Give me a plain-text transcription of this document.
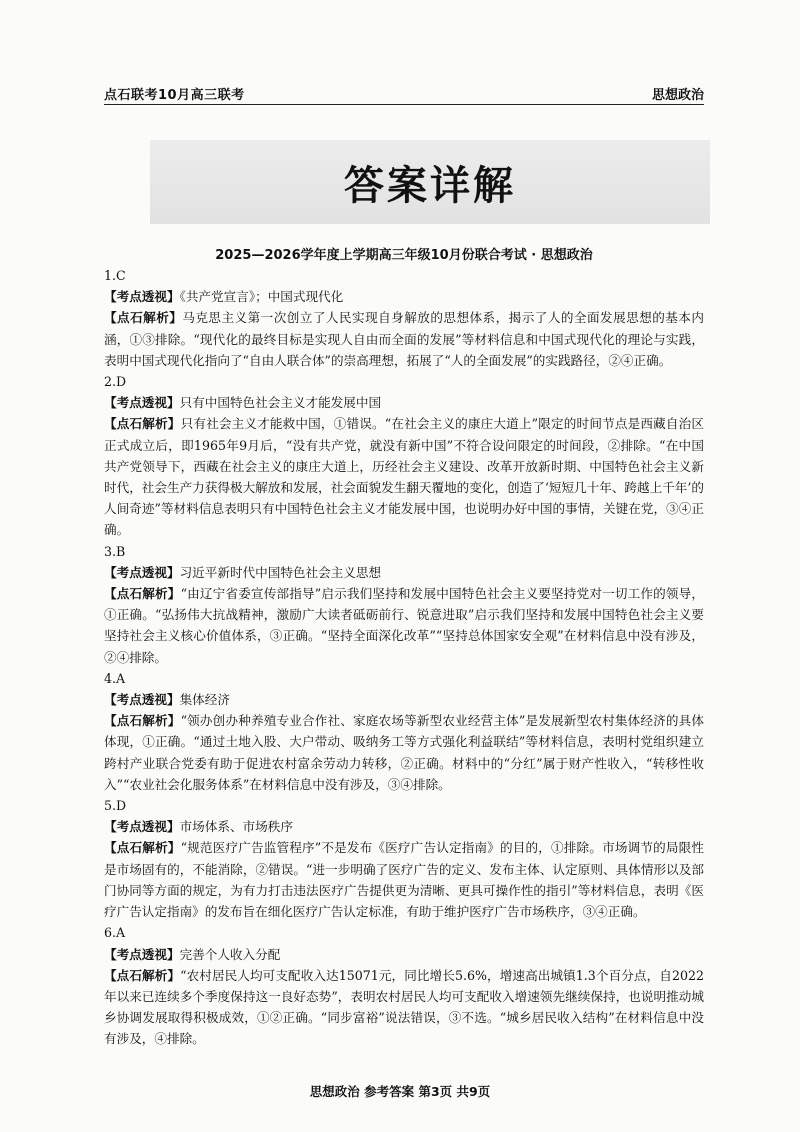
点石联考10月高三联考	思想政治
答案详解
2025—2026学年度上学期高三年级10月份联合考试 · 思想政治
1.C
【考点透视】《共产党宣言》；中国式现代化
【点石解析】马克思主义第一次创立了人民实现自身解放的思想体系，揭示了人的全面发展思想的基本内涵，①③排除。“现代化的最终目标是实现人自由而全面的发展”等材料信息和中国式现代化的理论与实践，表明中国式现代化指向了“自由人联合体”的崇高理想，拓展了“人的全面发展”的实践路径，②④正确。
2.D
【考点透视】只有中国特色社会主义才能发展中国
【点石解析】只有社会主义才能救中国，①错误。“在社会主义的康庄大道上”限定的时间节点是西藏自治区正式成立后，即1965年9月后，“没有共产党，就没有新中国”不符合设问限定的时间段，②排除。“在中国共产党领导下，西藏在社会主义的康庄大道上，历经社会主义建设、改革开放新时期、中国特色社会主义新时代，社会生产力获得极大解放和发展，社会面貌发生翻天覆地的变化，创造了‘短短几十年、跨越上千年’的人间奇迹”等材料信息表明只有中国特色社会主义才能发展中国，也说明办好中国的事情，关键在党，③④正确。
3.B
【考点透视】习近平新时代中国特色社会主义思想
【点石解析】“由辽宁省委宣传部指导”启示我们坚持和发展中国特色社会主义要坚持党对一切工作的领导，①正确。“弘扬伟大抗战精神，激励广大读者砥砺前行、锐意进取”启示我们坚持和发展中国特色社会主义要坚持社会主义核心价值体系，③正确。“坚持全面深化改革”“坚持总体国家安全观”在材料信息中没有涉及，②④排除。
4.A
【考点透视】集体经济
【点石解析】“领办创办种养殖专业合作社、家庭农场等新型农业经营主体”是发展新型农村集体经济的具体体现，①正确。“通过土地入股、大户带动、吸纳务工等方式强化利益联结”等材料信息，表明村党组织建立跨村产业联合党委有助于促进农村富余劳动力转移，②正确。材料中的“分红”属于财产性收入，“转移性收入”“农业社会化服务体系”在材料信息中没有涉及，③④排除。
5.D
【考点透视】市场体系、市场秩序
【点石解析】“规范医疗广告监管程序”不是发布《医疗广告认定指南》的目的，①排除。市场调节的局限性是市场固有的，不能消除，②错误。“进一步明确了医疗广告的定义、发布主体、认定原则、具体情形以及部门协同等方面的规定，为有力打击违法医疗广告提供更为清晰、更具可操作性的指引”等材料信息，表明《医疗广告认定指南》的发布旨在细化医疗广告认定标准，有助于维护医疗广告市场秩序，③④正确。
6.A
【考点透视】完善个人收入分配
【点石解析】“农村居民人均可支配收入达15071元，同比增长5.6%，增速高出城镇1.3个百分点，自2022年以来已连续多个季度保持这一良好态势”，表明农村居民人均可支配收入增速领先继续保持，也说明推动城乡协调发展取得积极成效，①②正确。“同步富裕”说法错误，③不选。“城乡居民收入结构”在材料信息中没有涉及，④排除。
思想政治 参考答案 第3页 共9页
